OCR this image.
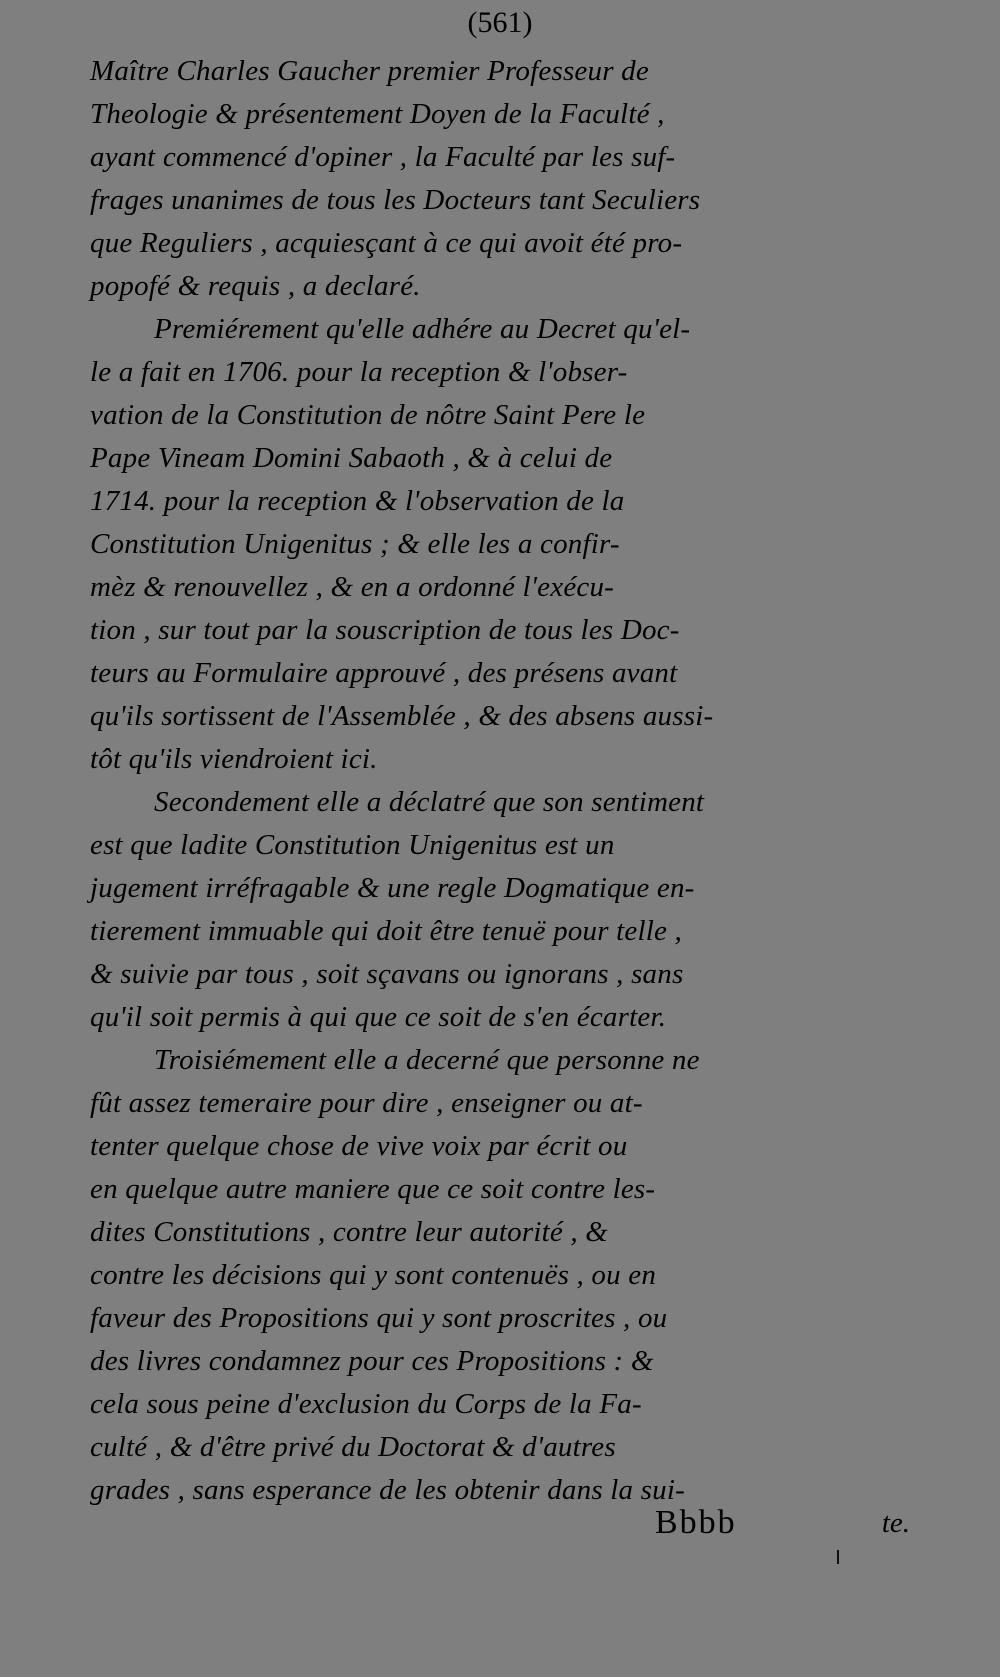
(561)
Maître Charles Gaucher premier Professeur de
Theologie & présentement Doyen de la Faculté ,
ayant commencé d'opiner , la Faculté par les suf-
frages unanimes de tous les Docteurs tant Seculiers
que Reguliers , acquiesçant à ce qui avoit été pro-
popofé & requis , a declaré.
Premiérement qu'elle adhére au Decret qu'el-
le a fait en 1706. pour la reception & l'obser-
vation de la Constitution de nôtre Saint Pere le
Pape Vineam Domini Sabaoth , & à celui de
1714. pour la reception & l'observation de la
Constitution Unigenitus ; & elle les a confir-
mèz & renouvellez , & en a ordonné l'exécu-
tion , sur tout par la souscription de tous les Doc-
teurs au Formulaire approuvé , des présens avant
qu'ils sortissent de l'Assemblée , & des absens aussi-
tôt qu'ils viendroient ici.
Secondement elle a déclatré que son sentiment
est que ladite Constitution Unigenitus est un
jugement irréfragable & une regle Dogmatique en-
tierement immuable qui doit être tenuë pour telle ,
& suivie par tous , soit sçavans ou ignorans , sans
qu'il soit permis à qui que ce soit de s'en écarter.
Troisiémement elle a decerné que personne ne
fût assez temeraire pour dire , enseigner ou at-
tenter quelque chose de vive voix par écrit ou
en quelque autre maniere que ce soit contre les-
dites Constitutions , contre leur autorité , &
contre les décisions qui y sont contenuës , ou en
faveur des Propositions qui y sont proscrites , ou
des livres condamnez pour ces Propositions : &
cela sous peine d'exclusion du Corps de la Fa-
culté , & d'être privé du Doctorat & d'autres
grades , sans esperance de les obtenir dans la sui-
Bbbb	te.
